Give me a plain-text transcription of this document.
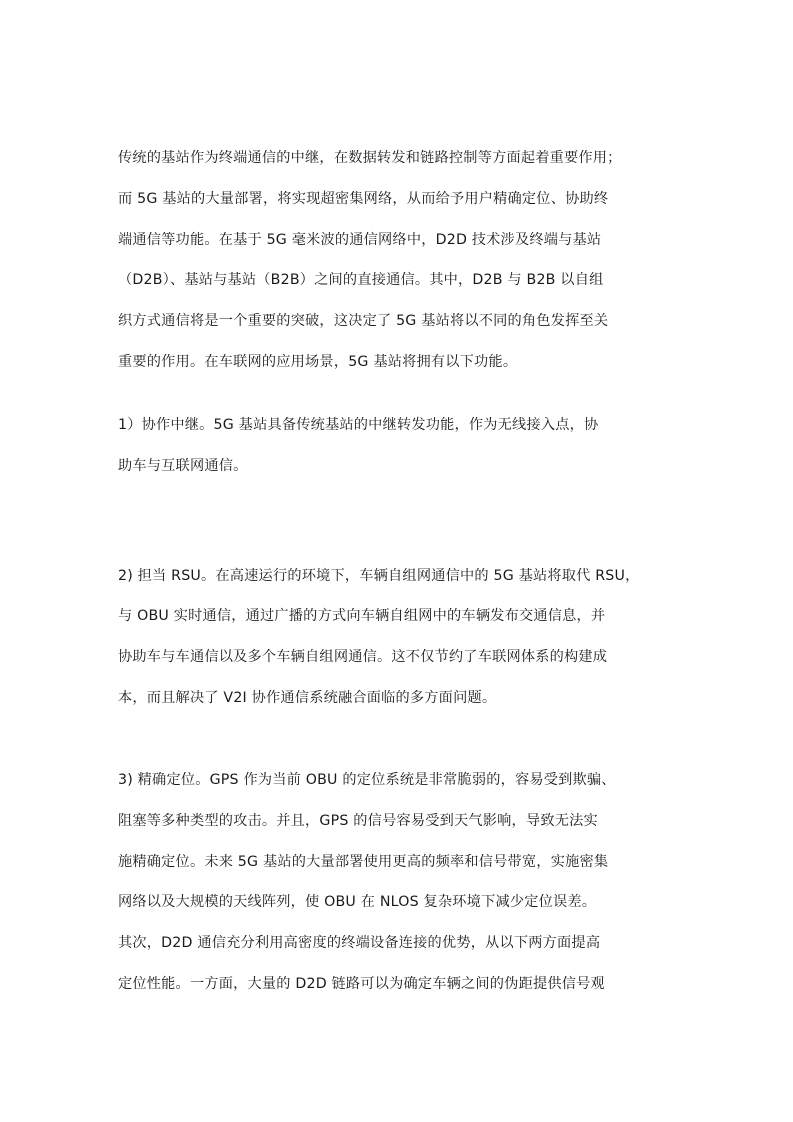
传统的基站作为终端通信的中继，在数据转发和链路控制等方面起着重要作用；
而 5G 基站的大量部署，将实现超密集网络，从而给予用户精确定位、协助终
端通信等功能。在基于 5G 毫米波的通信网络中，D2D 技术涉及终端与基站
（D2B）、基站与基站（B2B）之间的直接通信。其中，D2B 与 B2B 以自组
织方式通信将是一个重要的突破，这决定了 5G 基站将以不同的角色发挥至关
重要的作用。在车联网的应用场景，5G 基站将拥有以下功能。
1）协作中继。5G 基站具备传统基站的中继转发功能，作为无线接入点，协
助车与互联网通信。
2) 担当 RSU。在高速运行的环境下，车辆自组网通信中的 5G 基站将取代 RSU，
与 OBU 实时通信，通过广播的方式向车辆自组网中的车辆发布交通信息，并
协助车与车通信以及多个车辆自组网通信。这不仅节约了车联网体系的构建成
本，而且解决了 V2I 协作通信系统融合面临的多方面问题。
3) 精确定位。GPS 作为当前 OBU 的定位系统是非常脆弱的，容易受到欺骗、
阻塞等多种类型的攻击。并且，GPS 的信号容易受到天气影响，导致无法实
施精确定位。未来 5G 基站的大量部署使用更高的频率和信号带宽，实施密集
网络以及大规模的天线阵列，使 OBU 在 NLOS 复杂环境下减少定位误差。
其次，D2D 通信充分利用高密度的终端设备连接的优势，从以下两方面提高
定位性能。一方面，大量的 D2D 链路可以为确定车辆之间的伪距提供信号观
